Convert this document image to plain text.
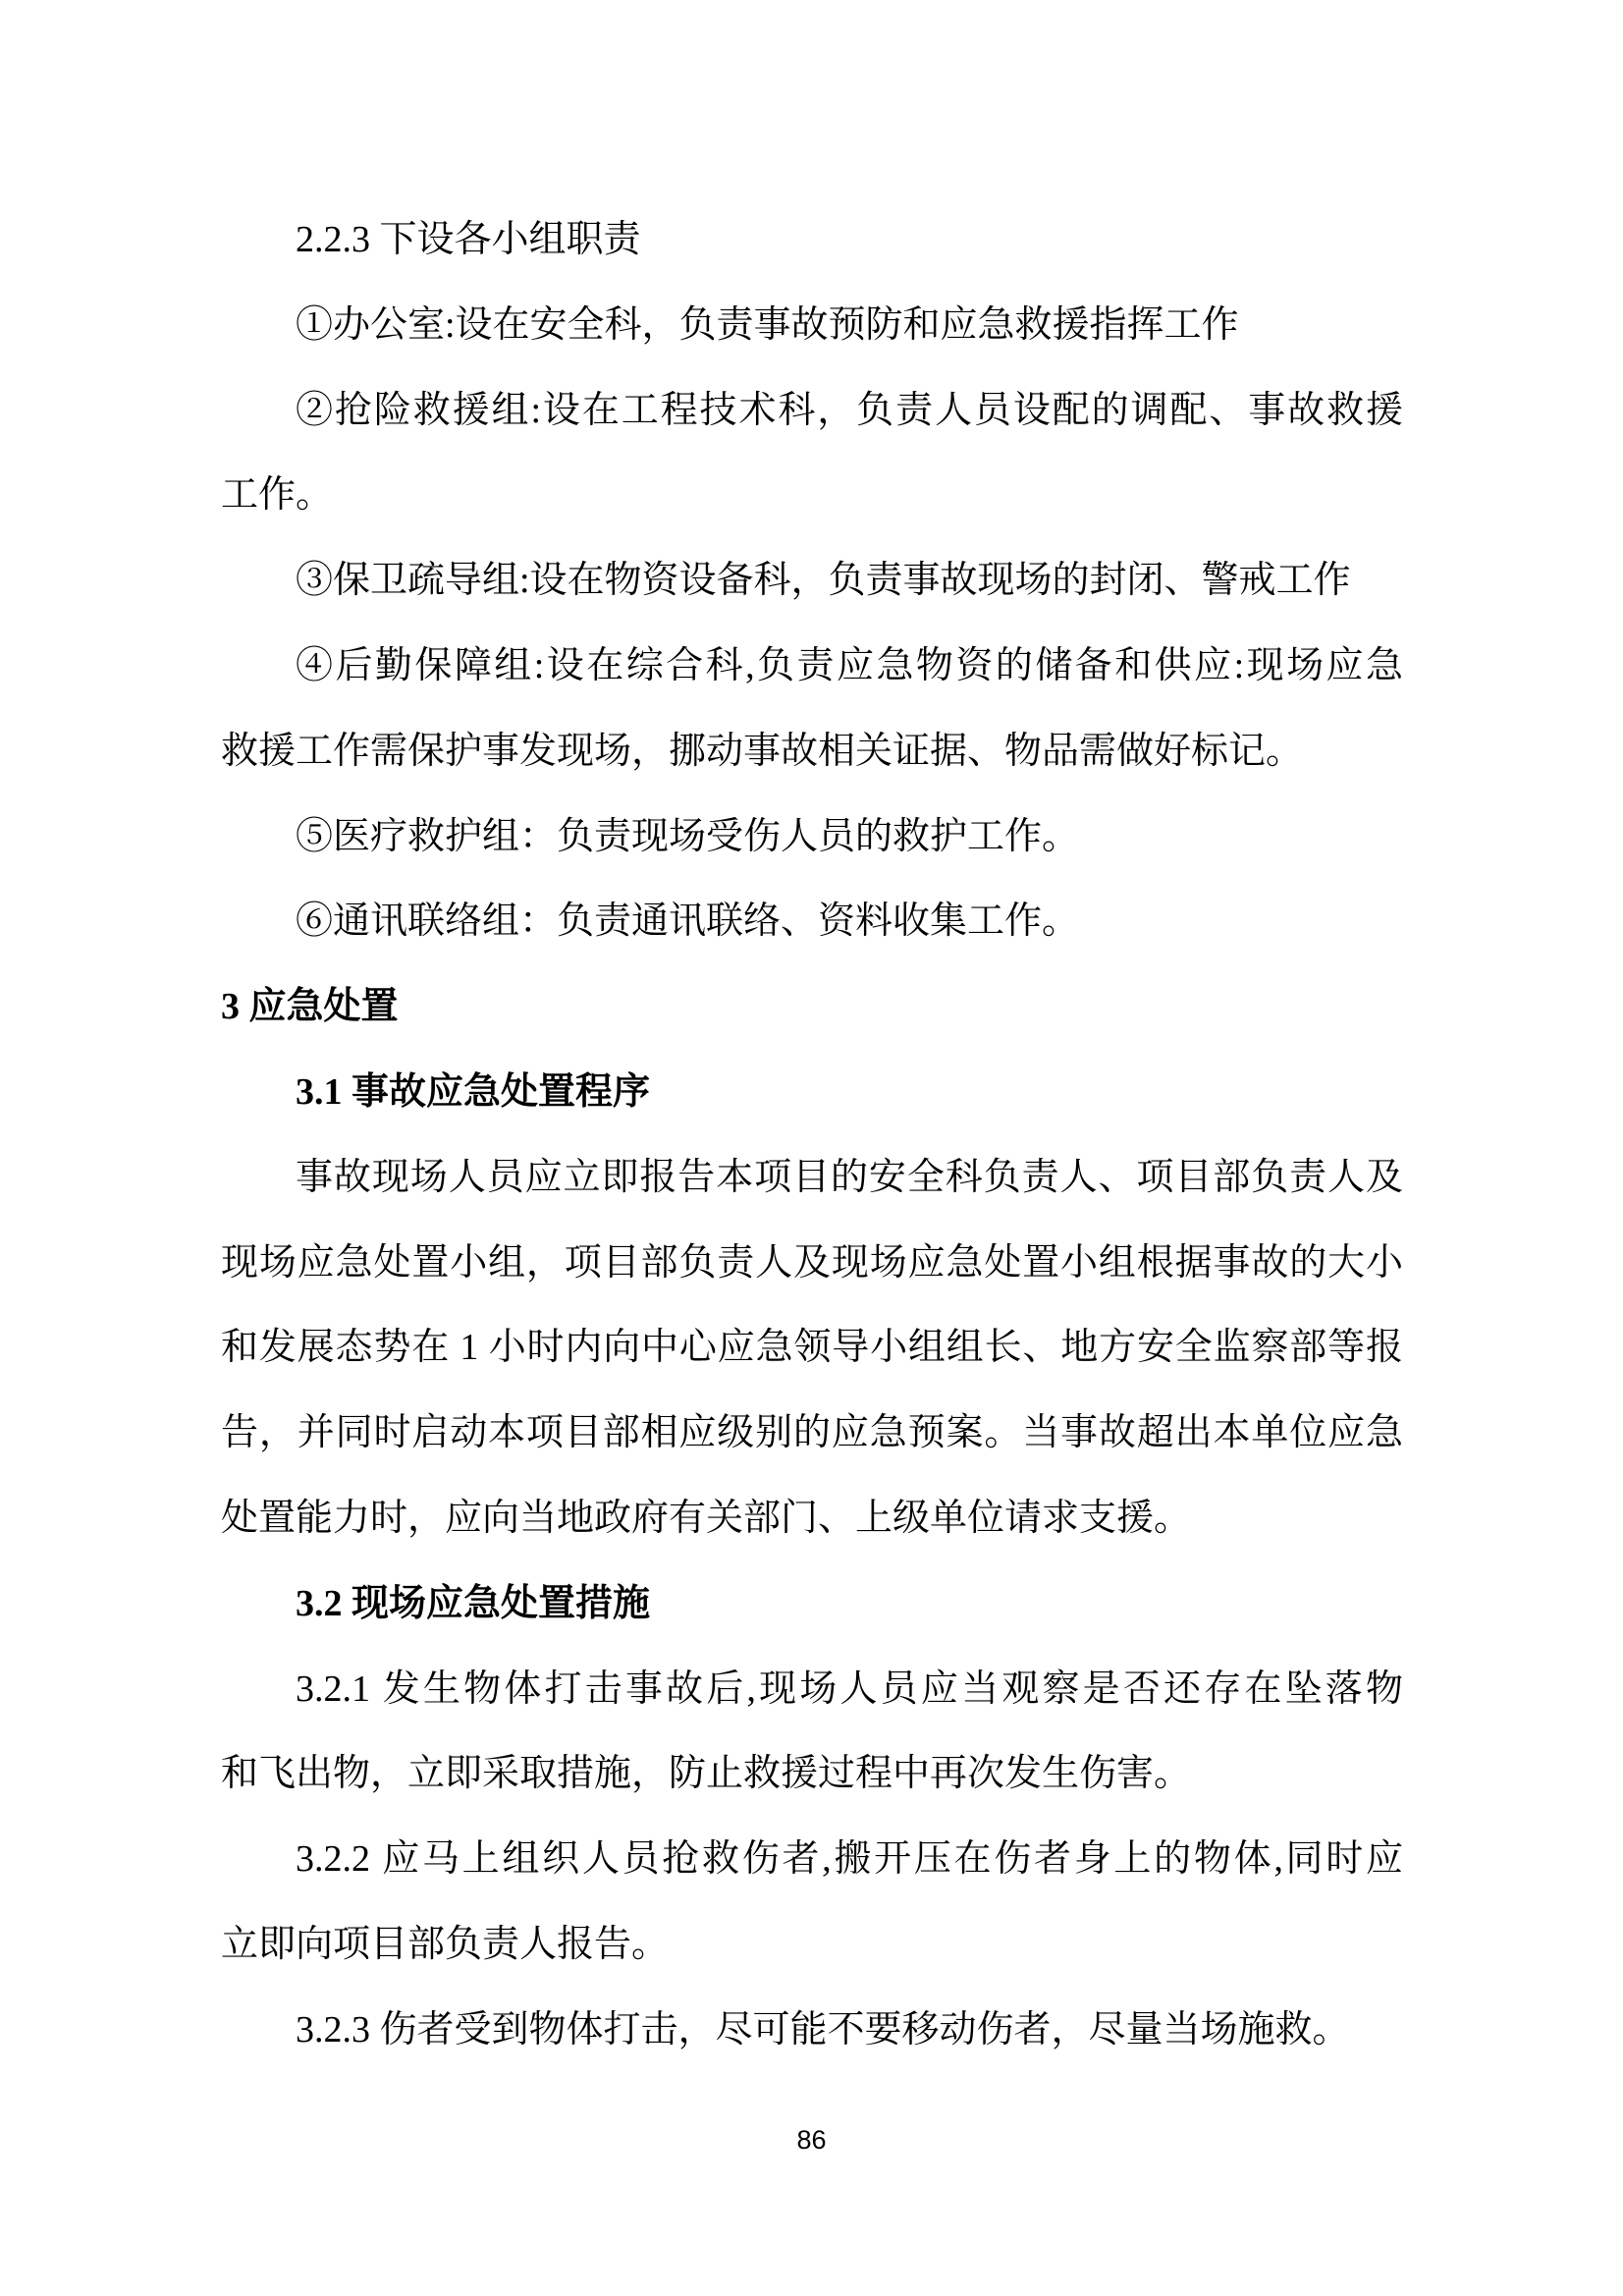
2.2.3 下设各小组职责
①办公室:设在安全科，负责事故预防和应急救援指挥工作
②抢险救援组:设在工程技术科，负责人员设配的调配、事故救援
工作。
③保卫疏导组:设在物资设备科，负责事故现场的封闭、警戒工作
④后勤保障组:设在综合科,负责应急物资的储备和供应:现场应急
救援工作需保护事发现场，挪动事故相关证据、物品需做好标记。
⑤医疗救护组：负责现场受伤人员的救护工作。
⑥通讯联络组：负责通讯联络、资料收集工作。
3 应急处置
3.1 事故应急处置程序
事故现场人员应立即报告本项目的安全科负责人、项目部负责人及
现场应急处置小组，项目部负责人及现场应急处置小组根据事故的大小
和发展态势在 1 小时内向中心应急领导小组组长、地方安全监察部等报
告，并同时启动本项目部相应级别的应急预案。当事故超出本单位应急
处置能力时，应向当地政府有关部门、上级单位请求支援。
3.2 现场应急处置措施
3.2.1 发生物体打击事故后,现场人员应当观察是否还存在坠落物
和飞出物，立即采取措施，防止救援过程中再次发生伤害。
3.2.2 应马上组织人员抢救伤者,搬开压在伤者身上的物体,同时应
立即向项目部负责人报告。
3.2.3 伤者受到物体打击，尽可能不要移动伤者，尽量当场施救。
86
